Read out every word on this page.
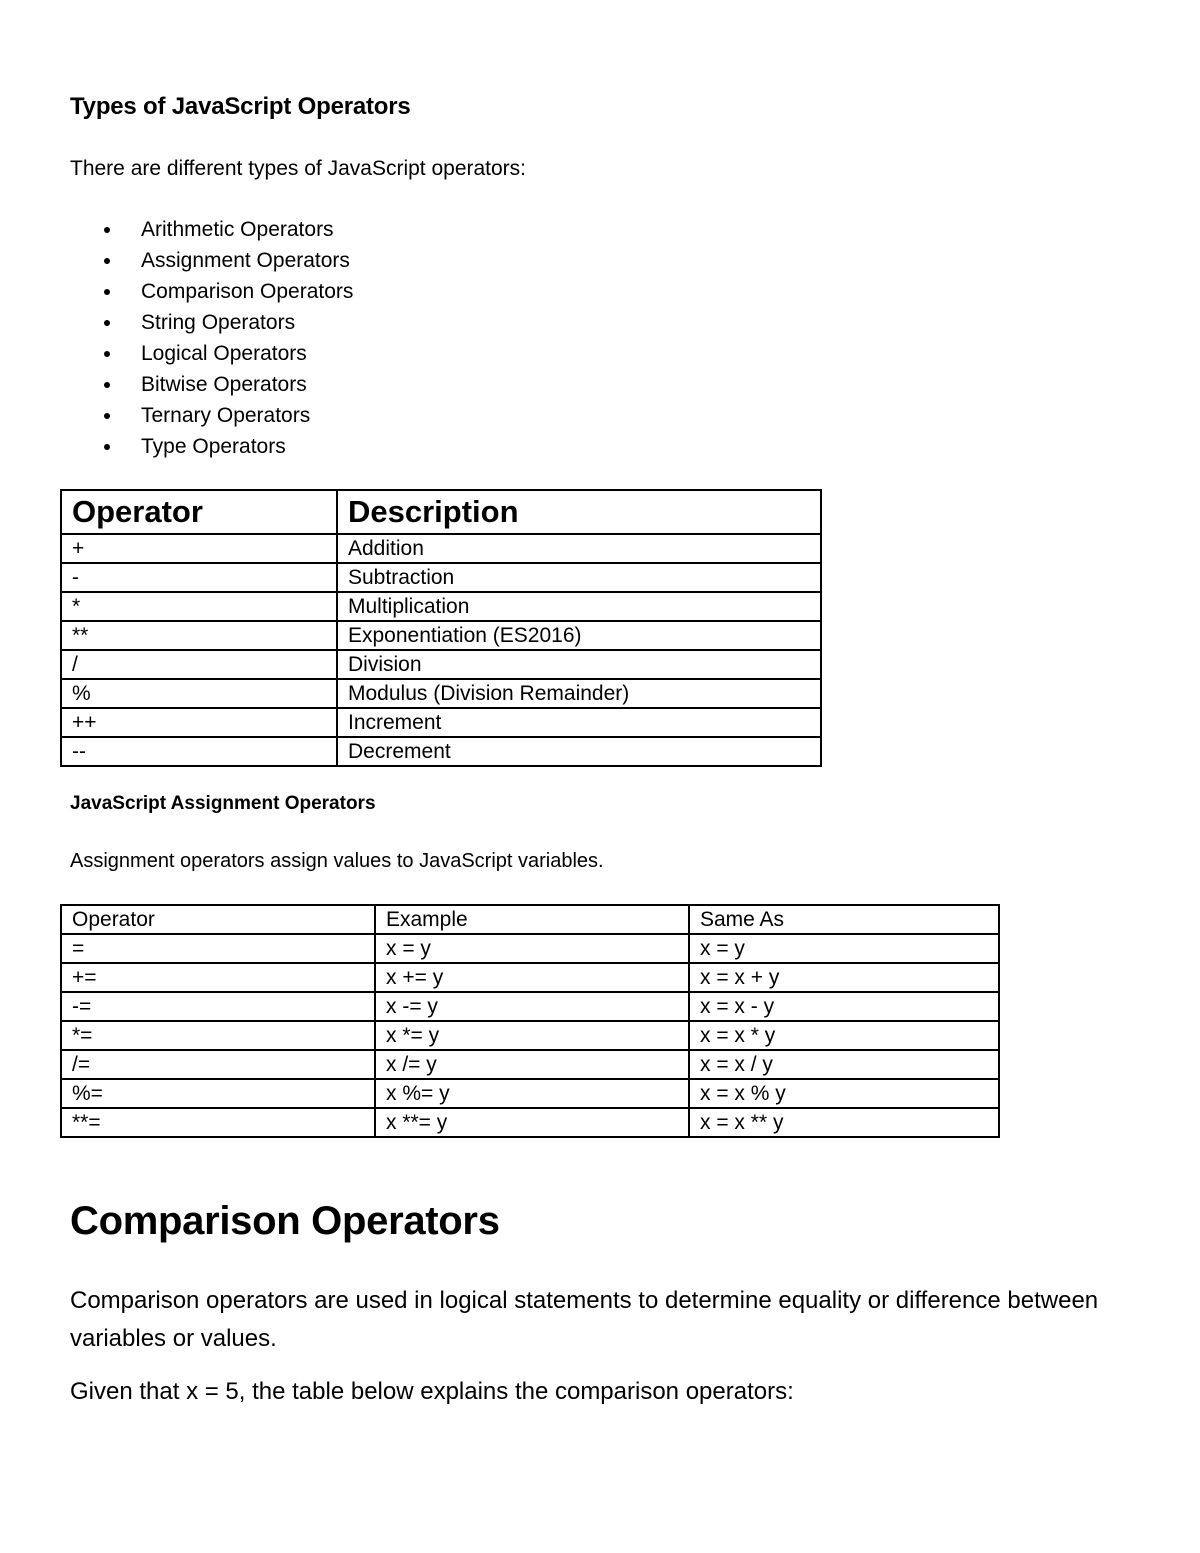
Types of JavaScript Operators
There are different types of JavaScript operators:
Arithmetic Operators
Assignment Operators
Comparison Operators
String Operators
Logical Operators
Bitwise Operators
Ternary Operators
Type Operators
Operator	Description
+	Addition
-	Subtraction
*	Multiplication
**	Exponentiation (ES2016)
/	Division
%	Modulus (Division Remainder)
++	Increment
--	Decrement
JavaScript Assignment Operators
Assignment operators assign values to JavaScript variables.
Operator	Example	Same As
=	x = y	x = y
+=	x += y	x = x + y
-=	x -= y	x = x - y
*=	x *= y	x = x * y
/=	x /= y	x = x / y
%=	x %= y	x = x % y
**=	x **= y	x = x ** y
Comparison Operators
Comparison operators are used in logical statements to determine equality or difference between variables or values.
Given that x = 5, the table below explains the comparison operators:
